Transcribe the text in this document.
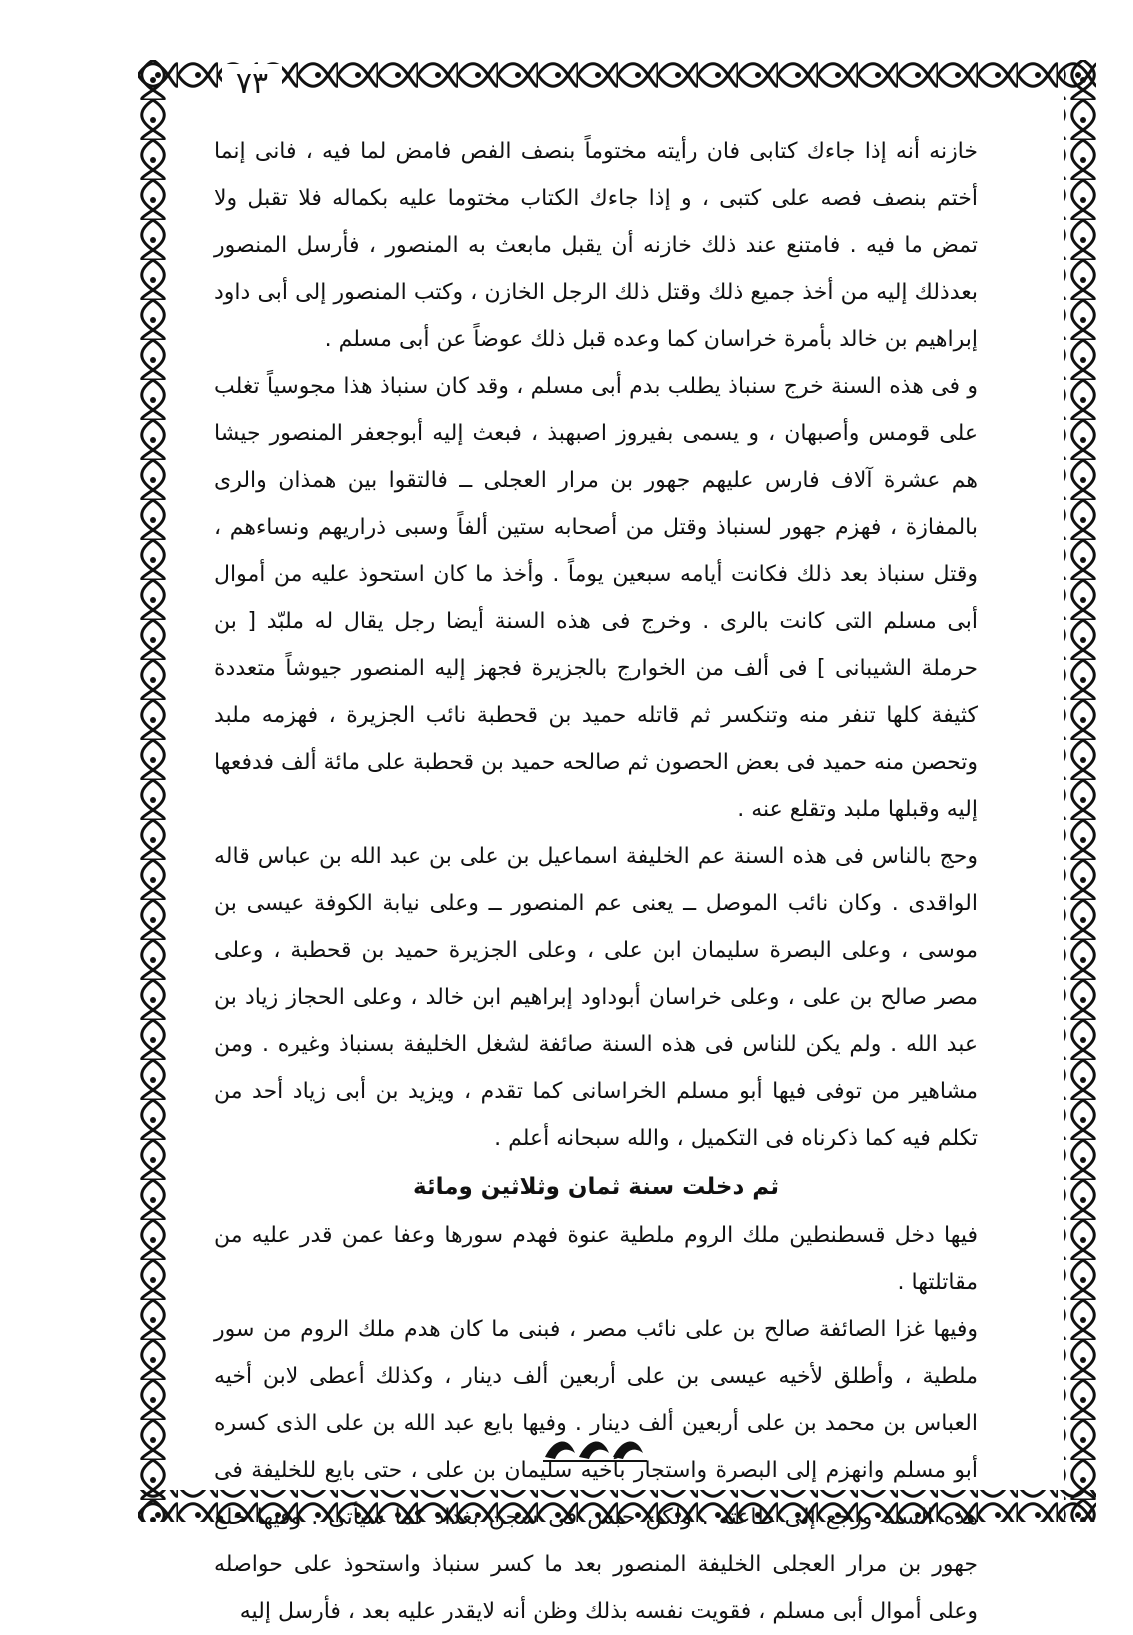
٧٣

خازنه أنه إذا جاءك كتابى فان رأيته مختوماً بنصف الفص فامض لما فيه ، فانى إنما أختم بنصف فصه على كتبى ، و إذا جاءك الكتاب مختوما عليه بكماله فلا تقبل ولا تمض ما فيه . فامتنع عند ذلك خازنه أن يقبل مابعث به المنصور ، فأرسل المنصور بعدذلك إليه من أخذ جميع ذلك وقتل ذلك الرجل الخازن ، وكتب المنصور إلى أبى داود إبراهيم بن خالد بأمرة خراسان كما وعده قبل ذلك عوضاً عن أبى مسلم .

و فى هذه السنة خرج سنباذ يطلب بدم أبى مسلم ، وقد كان سنباذ هذا مجوسياً تغلب على قومس وأصبهان ، و يسمى بفيروز اصبهبذ ، فبعث إليه أبوجعفر المنصور جيشا هم عشرة آلاف فارس عليهم جهور بن مرار العجلى ــ فالتقوا بين همذان والرى بالمفازة ، فهزم جهور لسنباذ وقتل من أصحابه ستين ألفاً وسبى ذراريهم ونساءهم ، وقتل سنباذ بعد ذلك فكانت أيامه سبعين يوماً . وأخذ ما كان استحوذ عليه من أموال أبى مسلم التى كانت بالرى . وخرج فى هذه السنة أيضا رجل يقال له ملبّد [ بن حرملة الشيبانى ] فى ألف من الخوارج بالجزيرة فجهز إليه المنصور جيوشاً متعددة كثيفة كلها تنفر منه وتنكسر ثم قاتله حميد بن قحطبة نائب الجزيرة ، فهزمه ملبد وتحصن منه حميد فى بعض الحصون ثم صالحه حميد بن قحطبة على مائة ألف فدفعها إليه وقبلها ملبد وتقلع عنه .

وحج بالناس فى هذه السنة عم الخليفة اسماعيل بن على بن عبد الله بن عباس قاله الواقدى . وكان نائب الموصل ــ يعنى عم المنصور ــ وعلى نيابة الكوفة عيسى بن موسى ، وعلى البصرة سليمان ابن على ، وعلى الجزيرة حميد بن قحطبة ، وعلى مصر صالح بن على ، وعلى خراسان أبوداود إبراهيم ابن خالد ، وعلى الحجاز زياد بن عبد الله . ولم يكن للناس فى هذه السنة صائفة لشغل الخليفة بسنباذ وغيره . ومن مشاهير من توفى فيها أبو مسلم الخراسانى كما تقدم ، ويزيد بن أبى زياد أحد من تكلم فيه كما ذكرناه فى التكميل ، والله سبحانه أعلم .

ثم دخلت سنة ثمان وثلاثين ومائة

فيها دخل قسطنطين ملك الروم ملطية عنوة فهدم سورها وعفا عمن قدر عليه من مقاتلتها .

وفيها غزا الصائفة صالح بن على نائب مصر ، فبنى ما كان هدم ملك الروم من سور ملطية ، وأطلق لأخيه عيسى بن على أربعين ألف دينار ، وكذلك أعطى لابن أخيه العباس بن محمد بن على أربعين ألف دينار . وفيها بايع عبد الله بن على الذى كسره أبو مسلم وانهزم إلى البصرة واستجار بأخيه سليمان بن على ، حتى بايع للخليفة فى هذه السنة ورجع إلى طاعته . ولكن حبس فى سجن بغداد كما سيأتى . وفيها خلع جهور بن مرار العجلى الخليفة المنصور بعد ما كسر سنباذ واستحوذ على حواصله وعلى أموال أبى مسلم ، فقويت نفسه بذلك وظن أنه لايقدر عليه بعد ، فأرسل إليه
